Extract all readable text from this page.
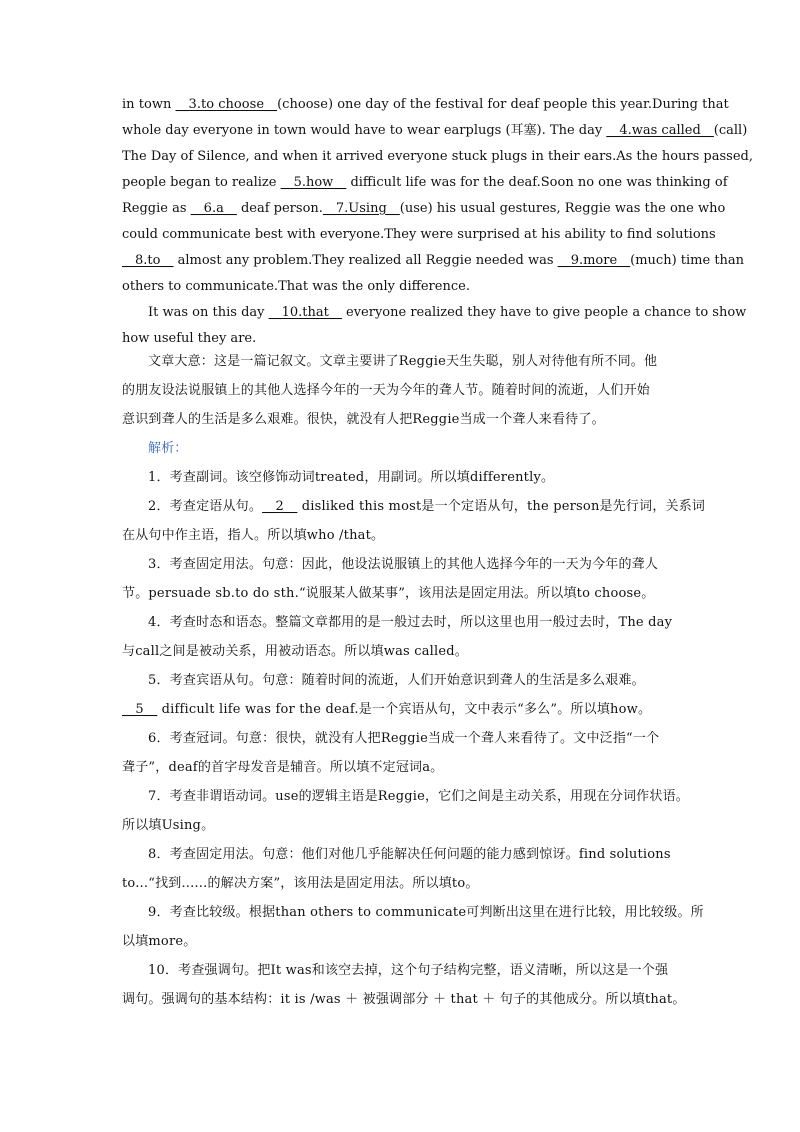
in town __3.to choose__(choose) one day of the festival for deaf people this year.During that
whole day everyone in town would have to wear earplugs (耳塞). The day __4.was called__(call)
The Day of Silence, and when it arrived everyone stuck plugs in their ears.As the hours passed,
people began to realize __5.how__ difficult life was for the deaf.Soon no one was thinking of
Reggie as __6.a__ deaf person.__7.Using__(use) his usual gestures, Reggie was the one who
could communicate best with everyone.They were surprised at his ability to find solutions
__8.to__ almost any problem.They realized all Reggie needed was __9.more__(much) time than
others to communicate.That was the only difference.
It was on this day __10.that__ everyone realized they have to give people a chance to show
how useful they are.
文章大意：这是一篇记叙文。文章主要讲了Reggie天生失聪，别人对待他有所不同。他
的朋友设法说服镇上的其他人选择今年的一天为今年的聋人节。随着时间的流逝，人们开始
意识到聋人的生活是多么艰难。很快，就没有人把Reggie当成一个聋人来看待了。
解析：
1．考查副词。该空修饰动词treated，用副词。所以填differently。
2．考查定语从句。__2__ disliked this most是一个定语从句，the person是先行词，关系词
在从句中作主语，指人。所以填who /that。
3．考查固定用法。句意：因此，他设法说服镇上的其他人选择今年的一天为今年的聋人
节。persuade sb.to do sth.“说服某人做某事”，该用法是固定用法。所以填to choose。
4．考查时态和语态。整篇文章都用的是一般过去时，所以这里也用一般过去时，The day
与call之间是被动关系，用被动语态。所以填was called。
5．考查宾语从句。句意：随着时间的流逝，人们开始意识到聋人的生活是多么艰难。
__5__ difficult life was for the deaf.是一个宾语从句，文中表示“多么”。所以填how。
6．考查冠词。句意：很快，就没有人把Reggie当成一个聋人来看待了。文中泛指“一个
聋子”，deaf的首字母发音是辅音。所以填不定冠词a。
7．考查非谓语动词。use的逻辑主语是Reggie，它们之间是主动关系，用现在分词作状语。
所以填Using。
8．考查固定用法。句意：他们对他几乎能解决任何问题的能力感到惊讶。find solutions
to...“找到......的解决方案”，该用法是固定用法。所以填to。
9．考查比较级。根据than others to communicate可判断出这里在进行比较，用比较级。所
以填more。
10．考查强调句。把It was和该空去掉，这个句子结构完整，语义清晰，所以这是一个强
调句。强调句的基本结构：it is /was ＋ 被强调部分 ＋ that ＋ 句子的其他成分。所以填that。
